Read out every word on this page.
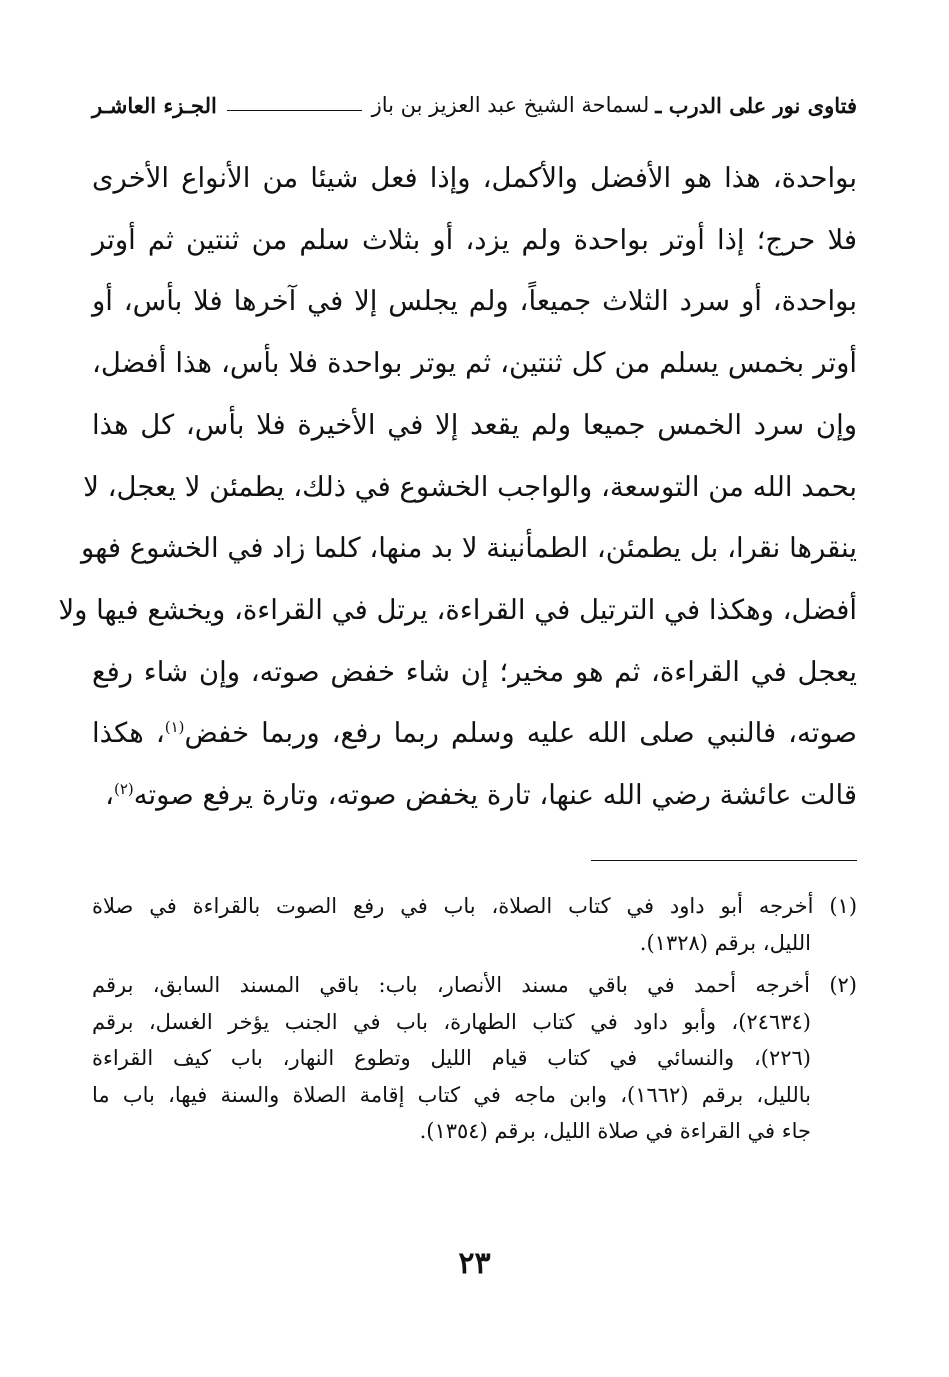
فتاوى نور على الدرب ـ
لسماحة الشيخ عبد العزيز بن باز
الجـزء العاشـر
بواحدة، هذا هو الأفضل والأكمل، وإذا فعل شيئا من الأنواع الأخرى
فلا حرج؛ إذا أوتر بواحدة ولم يزد، أو بثلاث سلم من ثنتين ثم أوتر
بواحدة، أو سرد الثلاث جميعاً، ولم يجلس إلا في آخرها فلا بأس، أو
أوتر بخمس يسلم من كل ثنتين، ثم يوتر بواحدة فلا بأس، هذا أفضل،
وإن سرد الخمس جميعا ولم يقعد إلا في الأخيرة فلا بأس، كل هذا
بحمد الله من التوسعة، والواجب الخشوع في ذلك، يطمئن لا يعجل، لا
ينقرها نقرا، بل يطمئن، الطمأنينة لا بد منها، كلما زاد في الخشوع فهو
أفضل، وهكذا في الترتيل في القراءة، يرتل في القراءة، ويخشع فيها ولا
يعجل في القراءة، ثم هو مخير؛ إن شاء خفض صوته، وإن شاء رفع
صوته، فالنبي صلى الله عليه وسلم ربما رفع، وربما خفض$^{(١)}$، هكذا
قالت عائشة رضي الله عنها، تارة يخفض صوته، وتارة يرفع صوته$^{(٢)}$،
(١) أخرجه أبو داود في كتاب الصلاة، باب في رفع الصوت بالقراءة في صلاة
الليل، برقم (١٣٢٨).
(٢) أخرجه أحمد في باقي مسند الأنصار، باب: باقي المسند السابق، برقم
(٢٤٦٣٤)، وأبو داود في كتاب الطهارة، باب في الجنب يؤخر الغسل، برقم
(٢٢٦)، والنسائي في كتاب قيام الليل وتطوع النهار، باب كيف القراءة
بالليل، برقم (١٦٦٢)، وابن ماجه في كتاب إقامة الصلاة والسنة فيها، باب ما
جاء في القراءة في صلاة الليل، برقم (١٣٥٤).
٢٣
